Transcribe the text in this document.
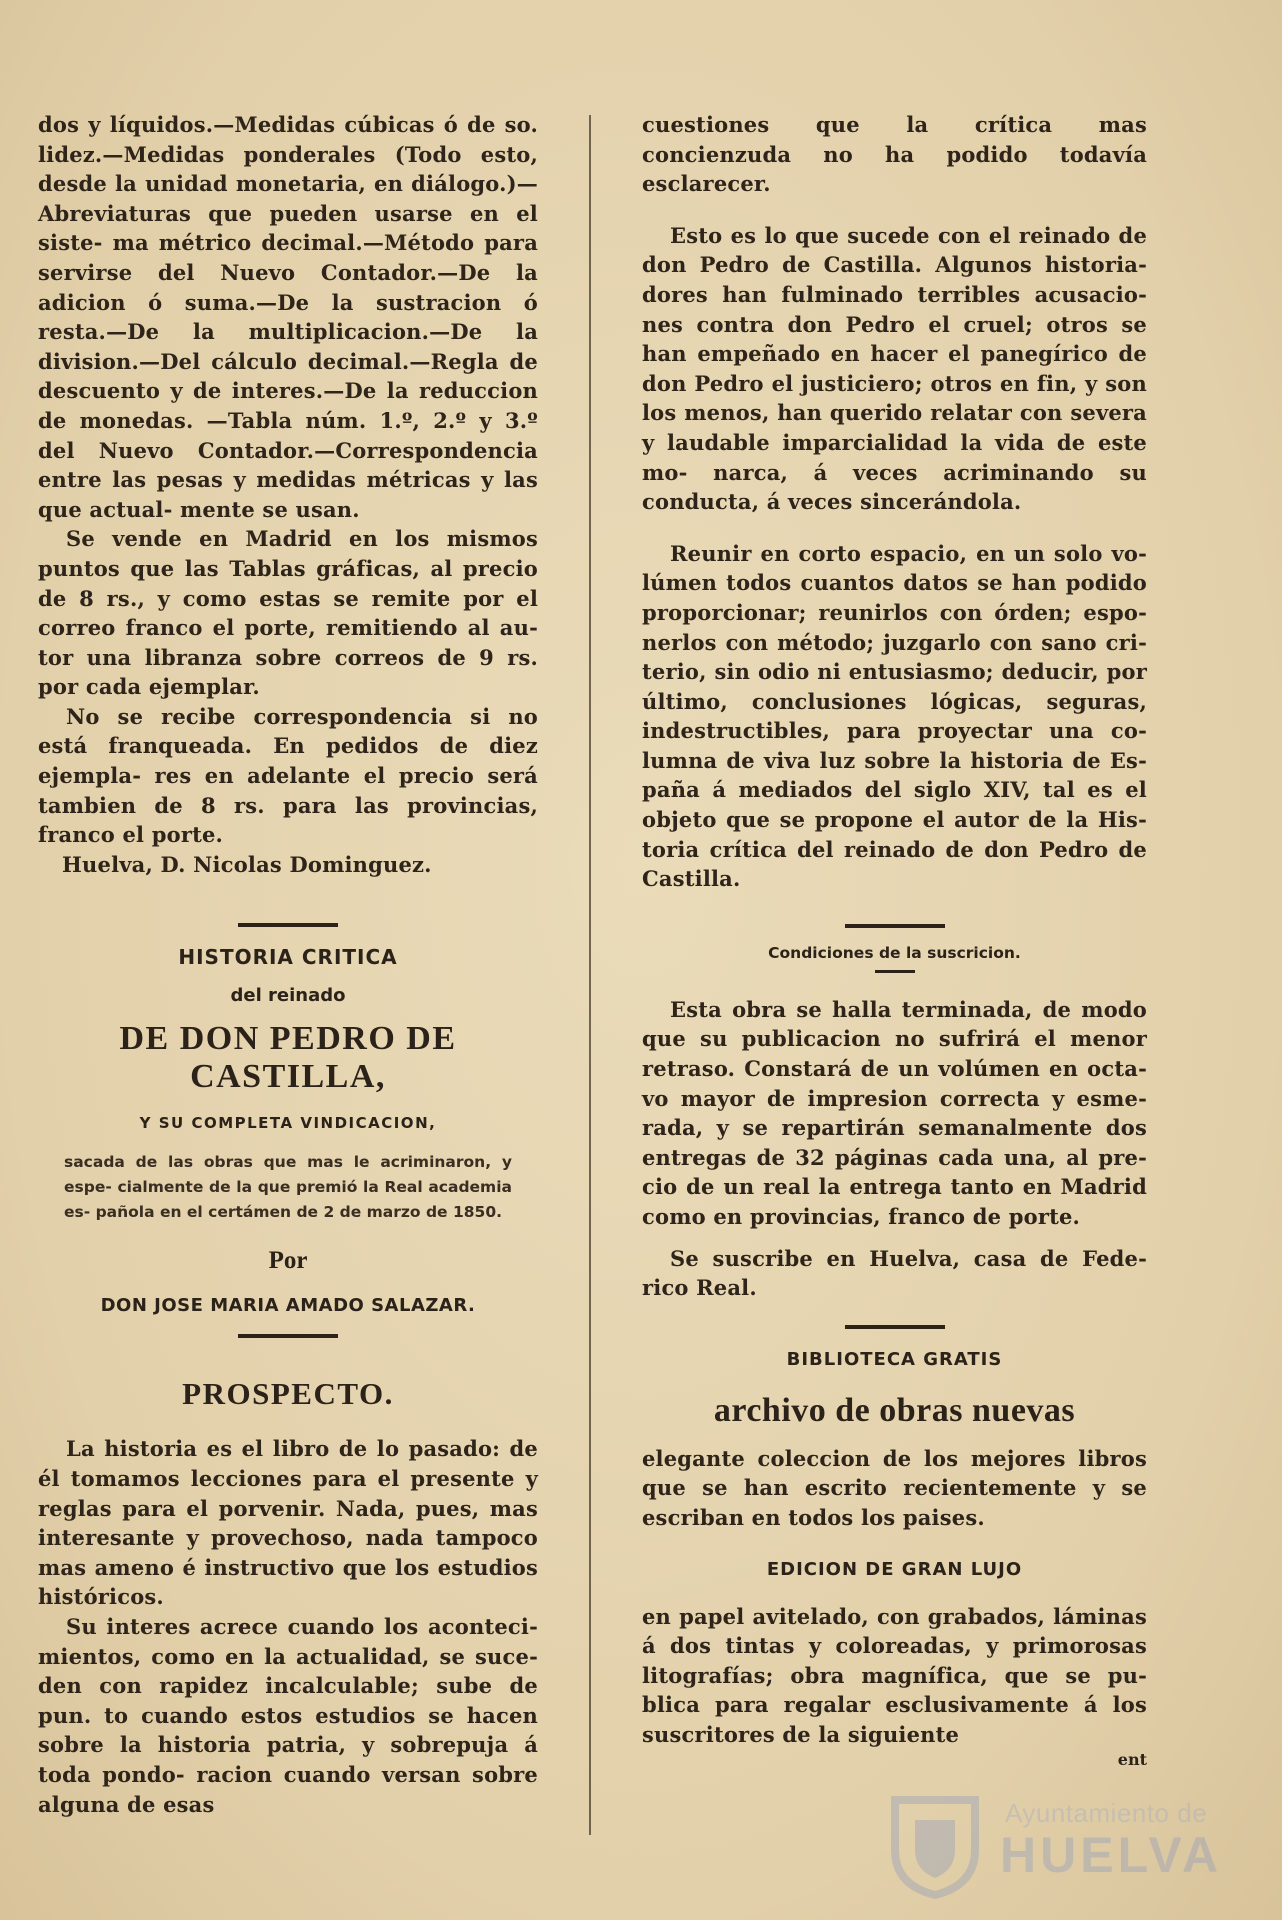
dos y líquidos.—Medidas cúbicas ó de so. lidez.—Medidas ponderales (Todo esto, desde la unidad monetaria, en diálogo.)— Abreviaturas que pueden usarse en el siste- ma métrico decimal.—Método para servirse del Nuevo Contador.—De la adicion ó suma.—De la sustracion ó resta.—De la multiplicacion.—De la division.—Del cálculo decimal.—Regla de descuento y de interes.—De la reduccion de monedas. —Tabla núm. 1.º, 2.º y 3.º del Nuevo Contador.—Correspondencia entre las pesas y medidas métricas y las que actual- mente se usan.

Se vende en Madrid en los mismos puntos que las Tablas gráficas, al precio de 8 rs., y como estas se remite por el correo franco el porte, remitiendo al au- tor una libranza sobre correos de 9 rs. por cada ejemplar.

No se recibe correspondencia si no está franqueada. En pedidos de diez ejempla- res en adelante el precio será tambien de 8 rs. para las provincias, franco el porte.

Huelva, D. Nicolas Dominguez.

HISTORIA CRITICA
del reinado
DE DON PEDRO DE CASTILLA,
Y SU COMPLETA VINDICACION,
sacada de las obras que mas le acriminaron, y espe- cialmente de la que premió la Real academia es- pañola en el certámen de 2 de marzo de 1850.
Por
DON JOSE MARIA AMADO SALAZAR.
PROSPECTO.

La historia es el libro de lo pasado: de él tomamos lecciones para el presente y reglas para el porvenir. Nada, pues, mas interesante y provechoso, nada tampoco mas ameno é instructivo que los estudios históricos.

Su interes acrece cuando los aconteci- mientos, como en la actualidad, se suce- den con rapidez incalculable; sube de pun. to cuando estos estudios se hacen sobre la historia patria, y sobrepuja á toda pondo- racion cuando versan sobre alguna de esas

cuestiones que la crítica mas concienzuda no ha podido todavía esclarecer.

Esto es lo que sucede con el reinado de don Pedro de Castilla. Algunos historia- dores han fulminado terribles acusacio- nes contra don Pedro el cruel; otros se han empeñado en hacer el panegírico de don Pedro el justiciero; otros en fin, y son los menos, han querido relatar con severa y laudable imparcialidad la vida de este mo- narca, á veces acriminando su conducta, á veces sincerándola.

Reunir en corto espacio, en un solo vo- lúmen todos cuantos datos se han podido proporcionar; reunirlos con órden; espo- nerlos con método; juzgarlo con sano cri- terio, sin odio ni entusiasmo; deducir, por último, conclusiones lógicas, seguras, indestructibles, para proyectar una co- lumna de viva luz sobre la historia de Es- paña á mediados del siglo XIV, tal es el objeto que se propone el autor de la His- toria crítica del reinado de don Pedro de Castilla.

Condiciones de la suscricion.

Esta obra se halla terminada, de modo que su publicacion no sufrirá el menor retraso. Constará de un volúmen en octa- vo mayor de impresion correcta y esme- rada, y se repartirán semanalmente dos entregas de 32 páginas cada una, al pre- cio de un real la entrega tanto en Madrid como en provincias, franco de porte.

Se suscribe en Huelva, casa de Fede- rico Real.

BIBLIOTECA GRATIS
archivo de obras nuevas

elegante coleccion de los mejores libros que se han escrito recientemente y se escriban en todos los paises.

EDICION DE GRAN LUJO

en papel avitelado, con grabados, láminas á dos tintas y coloreadas, y primorosas litografías; obra magnífica, que se pu- blica para regalar esclusivamente á los suscritores de la siguiente

ent
Ayuntamiento de
HUELVA
